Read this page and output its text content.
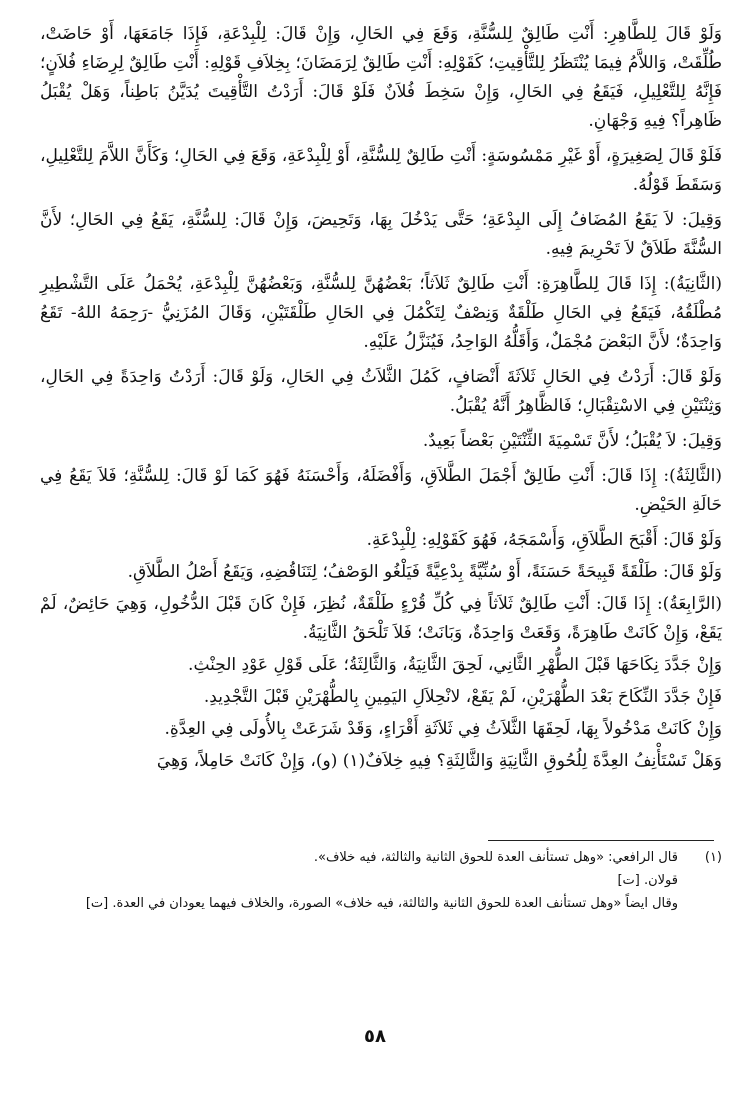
وَلَوْ قَالَ لِلطَّاهِرِ: أَنْتِ طَالِقٌ لِلسُّنَّةِ، وَقَعَ فِي الحَالِ، وَإِنْ قَالَ: لِلْبِدْعَةِ، فَإِذَا جَامَعَهَا، أَوْ حَاضَتْ، طُلِّقَتْ، وَاللاَّمُ فِيمَا يُنْتَظَرُ لِلتَّأْقِيتِ؛ كَقَوْلِهِ: أَنْتِ طَالِقٌ لِرَمَضَانَ؛ بِخِلاَفِ قَوْلِهِ: أَنْتِ طَالِقٌ لِرِضَاءِ فُلاَنٍ؛ فَإِنَّهُ لِلتَّعْلِيلِ، فَيَقَعُ فِي الحَالِ، وَإِنْ سَخِطَ فُلاَنٌ فَلَوْ قَالَ: أَرَدْتُ التَّأْقِيتَ يُدَيَّنُ بَاطِناً، وَهَلْ يُقْبَلُ ظَاهِراً؟ فِيهِ وَجْهَانِ.

فَلَوْ قَالَ لِصَغِيرَةٍ، أَوْ غَيْرِ مَمْسُوسَةٍ: أَنْتِ طَالِقٌ لِلسُّنَّةِ، أَوْ لِلْبِدْعَةِ، وَقَعَ فِي الحَالِ؛ وَكَأَنَّ اللاَّمَ لِلتَّعْلِيلِ، وَسَقَطَ قَوْلُهُ.

وَقِيلَ: لاَ يَقَعُ المُضَافُ إِلَى البِدْعَةِ؛ حَتَّى يَدْخُلَ بِهَا، وَتَحِيضَ، وَإِنْ قَالَ: لِلسُّنَّةِ، يَقَعُ فِي الحَالِ؛ لأَنَّ السُّنَّةَ طَلاَقٌ لاَ تَحْرِيمَ فِيهِ.

(الثَّانِيَةُ): إِذَا قَالَ لِلطَّاهِرَةِ: أَنْتِ طَالِقٌ ثَلاَثاً؛ بَعْضُهُنَّ لِلسُّنَّةِ، وَبَعْضُهُنَّ لِلْبِدْعَةِ، يُحْمَلُ عَلَى التَّشْطِيرِ مُطْلَقُهُ، فَيَقَعُ فِي الحَالِ طَلْقَةٌ وَنِصْفٌ لِتَكْمُلَ فِي الحَالِ طَلْقَتَيْنِ، وَقَالَ المُزَنِيُّ -رَحِمَهُ اللهُ- تَقَعُ وَاحِدَةٌ؛ لأَنَّ البَعْضَ مُجْمَلٌ، وَأَقَلُّهُ الوَاحِدُ، فَيُنَزَّلُ عَلَيْهِ.

وَلَوْ قَالَ: أَرَدْتُ فِي الحَالِ ثَلاَثَةَ أَنْصَافٍ، كَمُلَ الثَّلاَثُ فِي الحَالِ، وَلَوْ قَالَ: أَرَدْتُ وَاحِدَةً فِي الحَالِ، وَثِنْتَيْنِ فِي الاسْتِقْبَالِ؛ فَالظَّاهِرُ أَنَّهُ يُقْبَلُ.

وَقِيلَ: لاَ يُقْبَلُ؛ لأَنَّ تَسْمِيَةَ الثِّنْتَيْنِ بَعْضاً بَعِيدٌ.

(الثَّالِثَةُ): إِذَا قَالَ: أَنْتِ طَالِقٌ أَجْمَلَ الطَّلاَقِ، وَأَفْضَلَهُ، وَأَحْسَنَهُ فَهُوَ كَمَا لَوْ قَالَ: لِلسُّنَّةِ؛ فَلاَ يَقَعُ فِي حَالَةِ الحَيْضِ.

وَلَوْ قَالَ: أَقْبَحَ الطَّلاَقِ، وَأَسْمَجَهُ، فَهُوَ كَقَوْلِهِ: لِلْبِدْعَةِ.

وَلَوْ قَالَ: طَلْقَةً قَبِيحَةً حَسَنَةً، أَوْ سُنِّيَّةً بِدْعِيَّةً فَيَلْغُو الوَصْفُ؛ لِتَنَاقُضِهِ، وَيَقَعُ أَصْلُ الطَّلاَقِ.

(الرَّابِعَةُ): إِذَا قَالَ: أَنْتِ طَالِقٌ ثَلاَثاً فِي كُلِّ قُرْءٍ طَلْقَةٌ، نُظِرَ، فَإِنْ كَانَ قَبْلَ الدُّخُولِ، وَهِيَ حَائِضٌ، لَمْ يَقَعْ، وَإِنْ كَانَتْ طَاهِرَةً، وَقَعَتْ وَاحِدَةٌ، وَبَانَتْ؛ فَلاَ تَلْحَقُ الثَّانِيَةُ.

وَإِنْ جَدَّدَ نِكَاحَهَا قَبْلَ الطُّهْرِ الثَّانِي، لَحِقَ الثَّانِيَةُ، وَالثَّالِثَةُ؛ عَلَى قَوْلِ عَوْدِ الحِنْثِ.

فَإِنْ جَدَّدَ النِّكَاحَ بَعْدَ الطُّهْرَيْنِ، لَمْ يَقَعْ، لانْحِلاَلِ اليَمِينِ بِالطُّهْرَيْنِ قَبْلَ التَّجْدِيدِ.

وَإِنْ كَانَتْ مَدْخُولاً بِهَا، لَحِقَهَا الثَّلاَثُ فِي ثَلاَثَةِ أَقْرَاءٍ، وَقَدْ شَرَعَتْ بِالأُولَى فِي العِدَّةِ.

وَهَلْ تَسْتَأْنِفُ العِدَّةَ لِلُحُوقِ الثَّانِيَةِ وَالثَّالِثَةِ؟ فِيهِ خِلاَفٌ(١) (و)، وَإِنْ كَانَتْ حَامِلاً، وَهِيَ

(١)
قال الرافعي: «وهل تستأنف العدة للحوق الثانية والثالثة، فيه خلاف».
قولان. [ت]
وقال ايضاً «وهل تستأنف العدة للحوق الثانية والثالثة، فيه خلاف» الصورة، والخلاف فيهما يعودان في العدة. [ت]
٥٨
